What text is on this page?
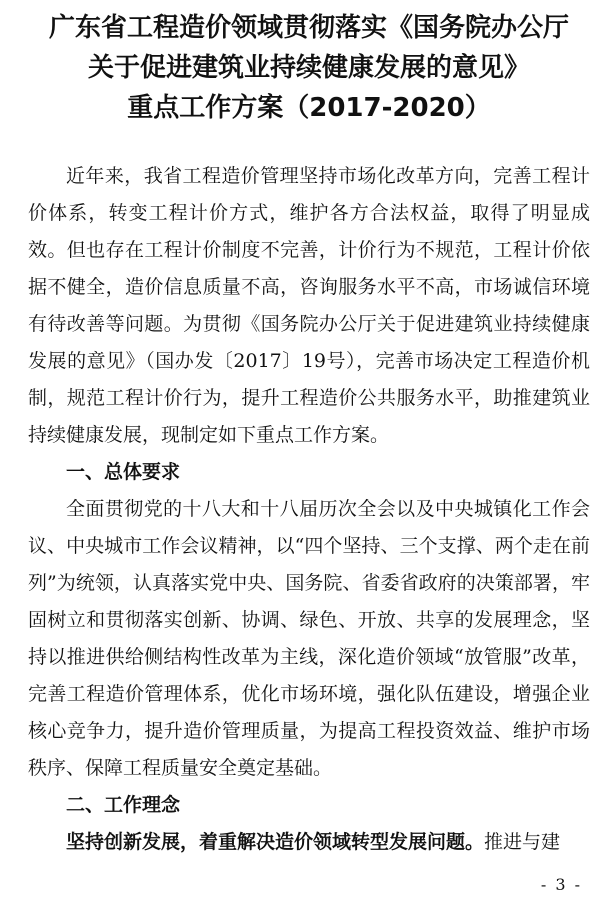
广东省工程造价领域贯彻落实《国务院办公厅
关于促进建筑业持续健康发展的意见》
重点工作方案（2017-2020）

近年来，我省工程造价管理坚持市场化改革方向，完善工程计价体系，转变工程计价方式，维护各方合法权益，取得了明显成效。但也存在工程计价制度不完善，计价行为不规范，工程计价依据不健全，造价信息质量不高，咨询服务水平不高，市场诚信环境有待改善等问题。为贯彻《国务院办公厅关于促进建筑业持续健康发展的意见》（国办发〔2017〕19号），完善市场决定工程造价机制，规范工程计价行为，提升工程造价公共服务水平，助推建筑业持续健康发展，现制定如下重点工作方案。

一、总体要求

全面贯彻党的十八大和十八届历次全会以及中央城镇化工作会议、中央城市工作会议精神，以“四个坚持、三个支撑、两个走在前列”为统领，认真落实党中央、国务院、省委省政府的决策部署，牢固树立和贯彻落实创新、协调、绿色、开放、共享的发展理念，坚持以推进供给侧结构性改革为主线，深化造价领域“放管服”改革，完善工程造价管理体系，优化市场环境，强化队伍建设，增强企业核心竞争力，提升造价管理质量，为提高工程投资效益、维护市场秩序、保障工程质量安全奠定基础。

二、工作理念

坚持创新发展，着重解决造价领域转型发展问题。推进与建

- 3 -
